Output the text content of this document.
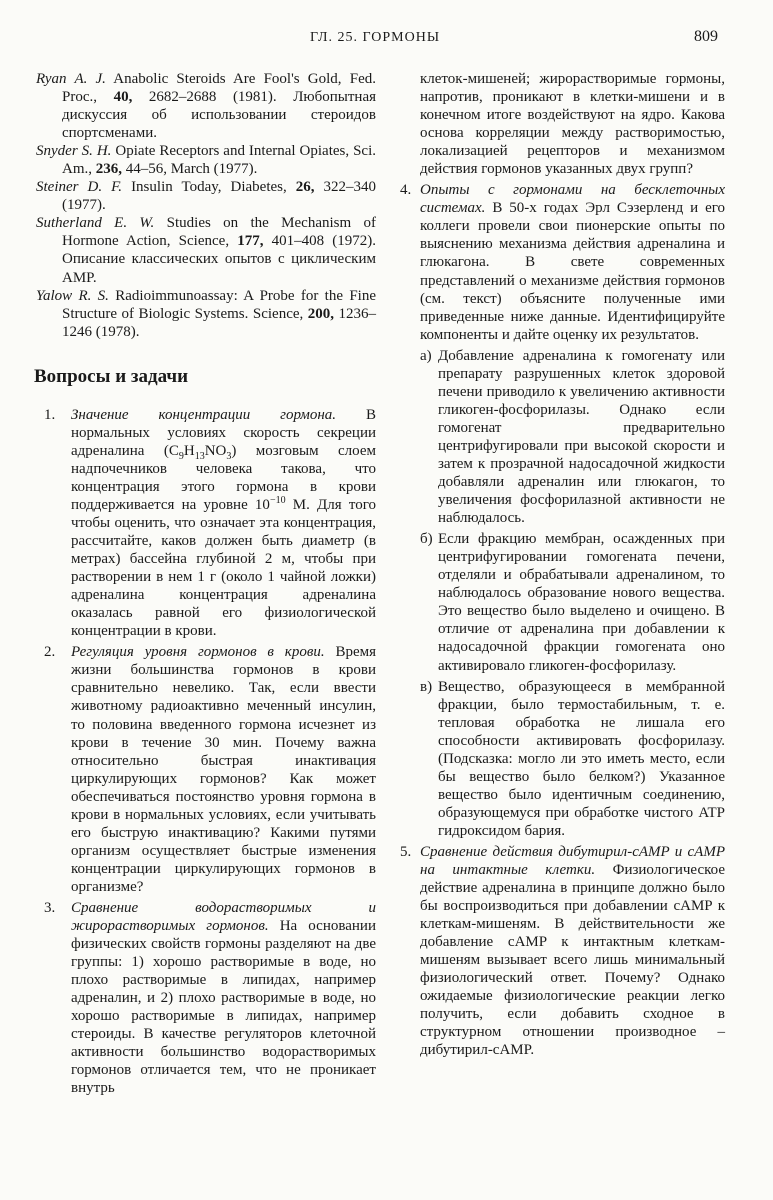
ГЛ. 25. ГОРМОНЫ	809

Ryan A. J. Anabolic Steroids Are Fool's Gold, Fed. Proc., 40, 2682–2688 (1981). Любопытная дискуссия об использовании стероидов спортсменами.

Snyder S. H. Opiate Receptors and Internal Opiates, Sci. Am., 236, 44–56, March (1977).

Steiner D. F. Insulin Today, Diabetes, 26, 322–340 (1977).

Sutherland E. W. Studies on the Mechanism of Hormone Action, Science, 177, 401–408 (1972). Описание классических опытов с циклическим AMP.

Yalow R. S. Radioimmunoassay: A Probe for the Fine Structure of Biologic Systems. Science, 200, 1236–1246 (1978).

Вопросы и задачи
1. Значение концентрации гормона. В нормальных условиях скорость секреции адреналина $(C_9H_{13}NO_3)$ мозговым слоем надпочечников человека такова, что концентрация этого гормона в крови поддерживается на уровне $10^{-10}$ М. Для того чтобы оценить, что означает эта концентрация, рассчитайте, каков должен быть диаметр (в метрах) бассейна глубиной 2 м, чтобы при растворении в нем 1 г (около 1 чайной ложки) адреналина концентрация адреналина оказалась равной его физиологической концентрации в крови.
2. Регуляция уровня гормонов в крови. Время жизни большинства гормонов в крови сравнительно невелико. Так, если ввести животному радиоактивно меченный инсулин, то половина введенного гормона исчезнет из крови в течение 30 мин. Почему важна относительно быстрая инактивация циркулирующих гормонов? Как может обеспечиваться постоянство уровня гормона в крови в нормальных условиях, если учитывать его быструю инактивацию? Какими путями организм осуществляет быстрые изменения концентрации циркулирующих гормонов в организме?
3. Сравнение водорастворимых и жирорастворимых гормонов. На основании физических свойств гормоны разделяют на две группы: 1) хорошо растворимые в воде, но плохо растворимые в липидах, например адреналин, и 2) плохо растворимые в воде, но хорошо растворимые в липидах, например стероиды. В качестве регуляторов клеточной активности большинство водорастворимых гормонов отличается тем, что не проникает внутрь

клеток-мишеней; жирорастворимые гормоны, напротив, проникают в клетки-мишени и в конечном итоге воздействуют на ядро. Какова основа корреляции между растворимостью, локализацией рецепторов и механизмом действия гормонов указанных двух групп?

4. Опыты с гормонами на бесклеточных системах. В 50-х годах Эрл Сэзерленд и его коллеги провели свои пионерские опыты по выяснению механизма действия адреналина и глюкагона. В свете современных представлений о механизме действия гормонов (см. текст) объясните полученные ими приведенные ниже данные. Идентифицируйте компоненты и дайте оценку их результатов.
а) Добавление адреналина к гомогенату или препарату разрушенных клеток здоровой печени приводило к увеличению активности гликоген-фосфорилазы. Однако если гомогенат предварительно центрифугировали при высокой скорости и затем к прозрачной надосадочной жидкости добавляли адреналин или глюкагон, то увеличения фосфорилазной активности не наблюдалось.
б) Если фракцию мембран, осажденных при центрифугировании гомогената печени, отделяли и обрабатывали адреналином, то наблюдалось образование нового вещества. Это вещество было выделено и очищено. В отличие от адреналина при добавлении к надосадочной фракции гомогената оно активировало гликоген-фосфорилазу.
в) Вещество, образующееся в мембранной фракции, было термостабильным, т. е. тепловая обработка не лишала его способности активировать фосфорилазу. (Подсказка: могло ли это иметь место, если бы вещество было белком?) Указанное вещество было идентичным соединению, образующемуся при обработке чистого ATP гидроксидом бария.
5. Сравнение действия дибутирил-cAMP и cAMP на интактные клетки. Физиологическое действие адреналина в принципе должно было бы воспроизводиться при добавлении cAMP к клеткам-мишеням. В действительности же добавление cAMP к интактным клеткам-мишеням вызывает всего лишь минимальный физиологический ответ. Почему? Однако ожидаемые физиологические реакции легко получить, если добавить сходное в структурном отношении производное – дибутирил-cAMP.
